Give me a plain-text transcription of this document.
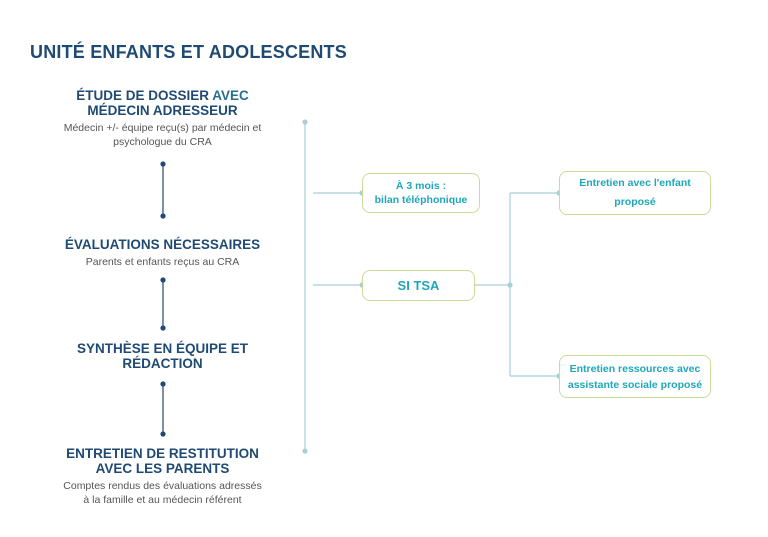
UNITÉ ENFANTS ET ADOLESCENTS
ÉTUDE DE DOSSIER AVEC
MÉDECIN ADRESSEUR
Médecin +/- équipe reçu(s) par médecin et
psychologue du CRA
ÉVALUATIONS NÉCESSAIRES
Parents et enfants reçus au CRA
SYNTHÈSE EN ÉQUIPE ET
RÉDACTION
ENTRETIEN DE RESTITUTION
AVEC LES PARENTS
Comptes rendus des évaluations adressés
à la famille et au médecin référent
À 3 mois :
bilan téléphonique
SI TSA
Entretien avec l'enfant
proposé
Entretien ressources avec
assistante sociale proposé
